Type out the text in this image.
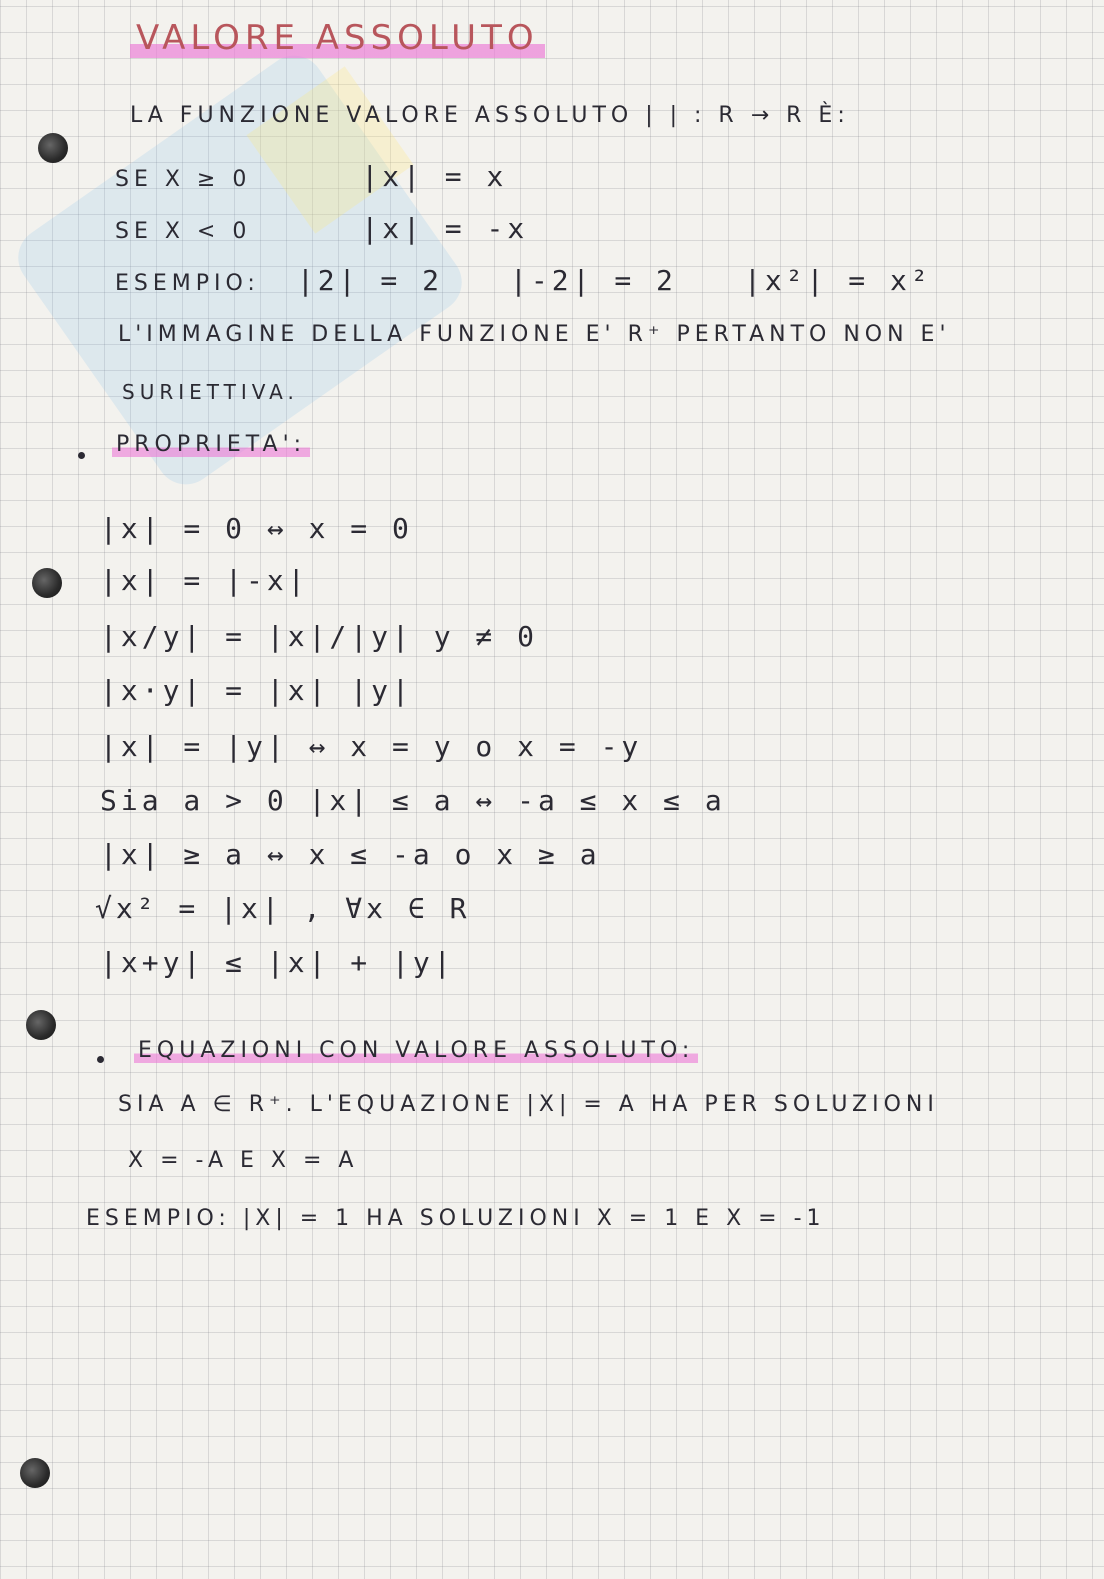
VALORE ASSOLUTO
LA FUNZIONE VALORE ASSOLUTO | | : R → R È:
SE X ≥ 0	|x| = x
SE X < 0	|x| = -x
ESEMPIO: |2| = 2 |-2| = 2 |x²| = x²
L'IMMAGINE DELLA FUNZIONE E' R⁺ PERTANTO NON E'
SURIETTIVA.
PROPRIETA':
|x| = 0 ↔ x = 0
|x| = |-x|
|x/y| = |x|/|y| y ≠ 0
|x·y| = |x| |y|
|x| = |y| ↔ x = y o x = -y
Sia a > 0 |x| ≤ a ↔ -a ≤ x ≤ a
|x| ≥ a ↔ x ≤ -a o x ≥ a
√x² = |x| , ∀x ∈ R
|x+y| ≤ |x| + |y|
EQUAZIONI CON VALORE ASSOLUTO:
SIA A ∈ R⁺. L'EQUAZIONE |X| = A HA PER SOLUZIONI
X = -A E X = A
ESEMPIO: |X| = 1 HA SOLUZIONI X = 1 E X = -1
